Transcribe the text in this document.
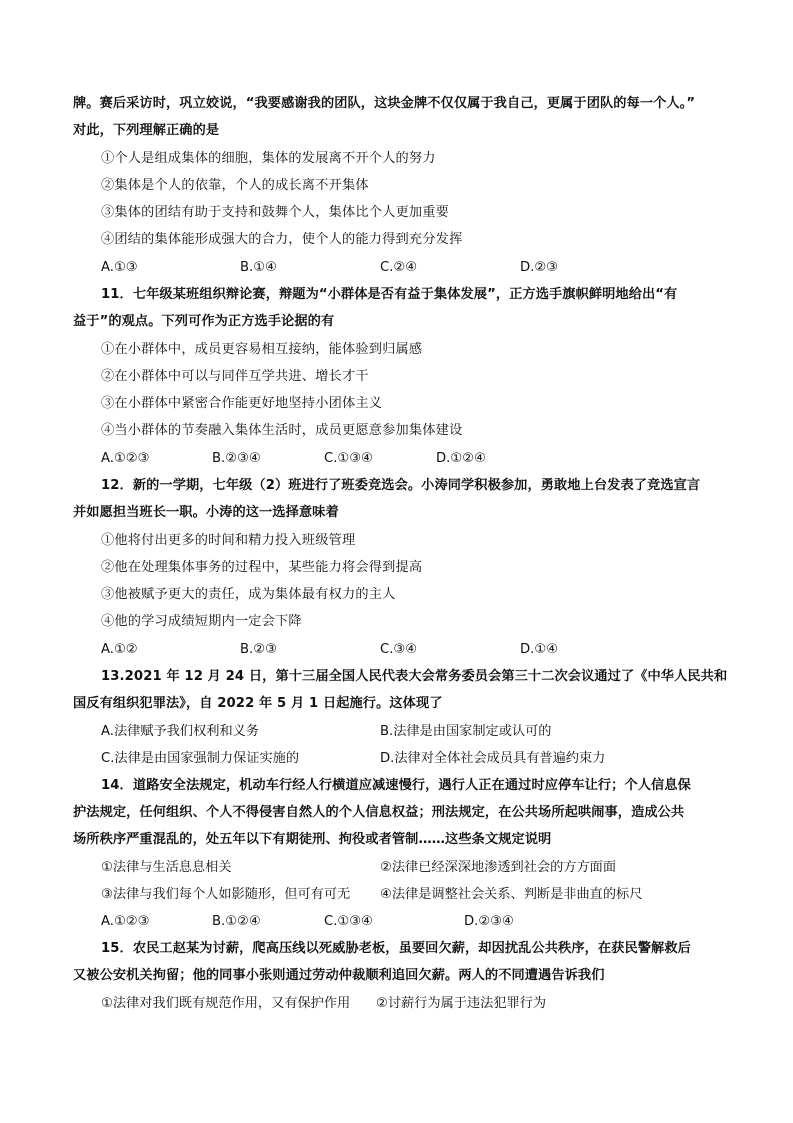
牌。赛后采访时，巩立姣说，“我要感谢我的团队，这块金牌不仅仅属于我自己，更属于团队的每一个人。”
对此，下列理解正确的是
①个人是组成集体的细胞，集体的发展离不开个人的努力
②集体是个人的依靠，个人的成长离不开集体
③集体的团结有助于支持和鼓舞个人，集体比个人更加重要
④团结的集体能形成强大的合力，使个人的能力得到充分发挥
A.①③	B.①④	C.②④	D.②③
11．七年级某班组织辩论赛，辩题为“小群体是否有益于集体发展”，正方选手旗帜鲜明地给出“有
益于”的观点。下列可作为正方选手论据的有
①在小群体中，成员更容易相互接纳，能体验到归属感
②在小群体中可以与同伴互学共进、增长才干
③在小群体中紧密合作能更好地坚持小团体主义
④当小群体的节奏融入集体生活时，成员更愿意参加集体建设
A.①②③	B.②③④	C.①③④	D.①②④
12．新的一学期，七年级（2）班进行了班委竞选会。小涛同学积极参加，勇敢地上台发表了竞选宣言
并如愿担当班长一职。小涛的这一选择意味着
①他将付出更多的时间和精力投入班级管理
②他在处理集体事务的过程中，某些能力将会得到提高
③他被赋予更大的责任，成为集体最有权力的主人
④他的学习成绩短期内一定会下降
A.①②	B.②③	C.③④	D.①④
13.2021 年 12 月 24 日，第十三届全国人民代表大会常务委员会第三十二次会议通过了《中华人民共和
国反有组织犯罪法》，自 2022 年 5 月 1 日起施行。这体现了
A.法律赋予我们权利和义务	B.法律是由国家制定或认可的
C.法律是由国家强制力保证实施的	D.法律对全体社会成员具有普遍约束力
14．道路安全法规定，机动车行经人行横道应减速慢行，遇行人正在通过时应停车让行；个人信息保
护法规定，任何组织、个人不得侵害自然人的个人信息权益；刑法规定，在公共场所起哄闹事，造成公共
场所秩序严重混乱的，处五年以下有期徒刑、拘役或者管制……这些条文规定说明
①法律与生活息息相关	②法律已经深深地渗透到社会的方方面面
③法律与我们每个人如影随形，但可有可无 ④法律是调整社会关系、判断是非曲直的标尺
A.①②③	B.①②④	C.①③④	D.②③④
15．农民工赵某为讨薪，爬高压线以死威胁老板，虽要回欠薪，却因扰乱公共秩序，在获民警解救后
又被公安机关拘留；他的同事小张则通过劳动仲裁顺利追回欠薪。两人的不同遭遇告诉我们
①法律对我们既有规范作用，又有保护作用 ②讨薪行为属于违法犯罪行为
